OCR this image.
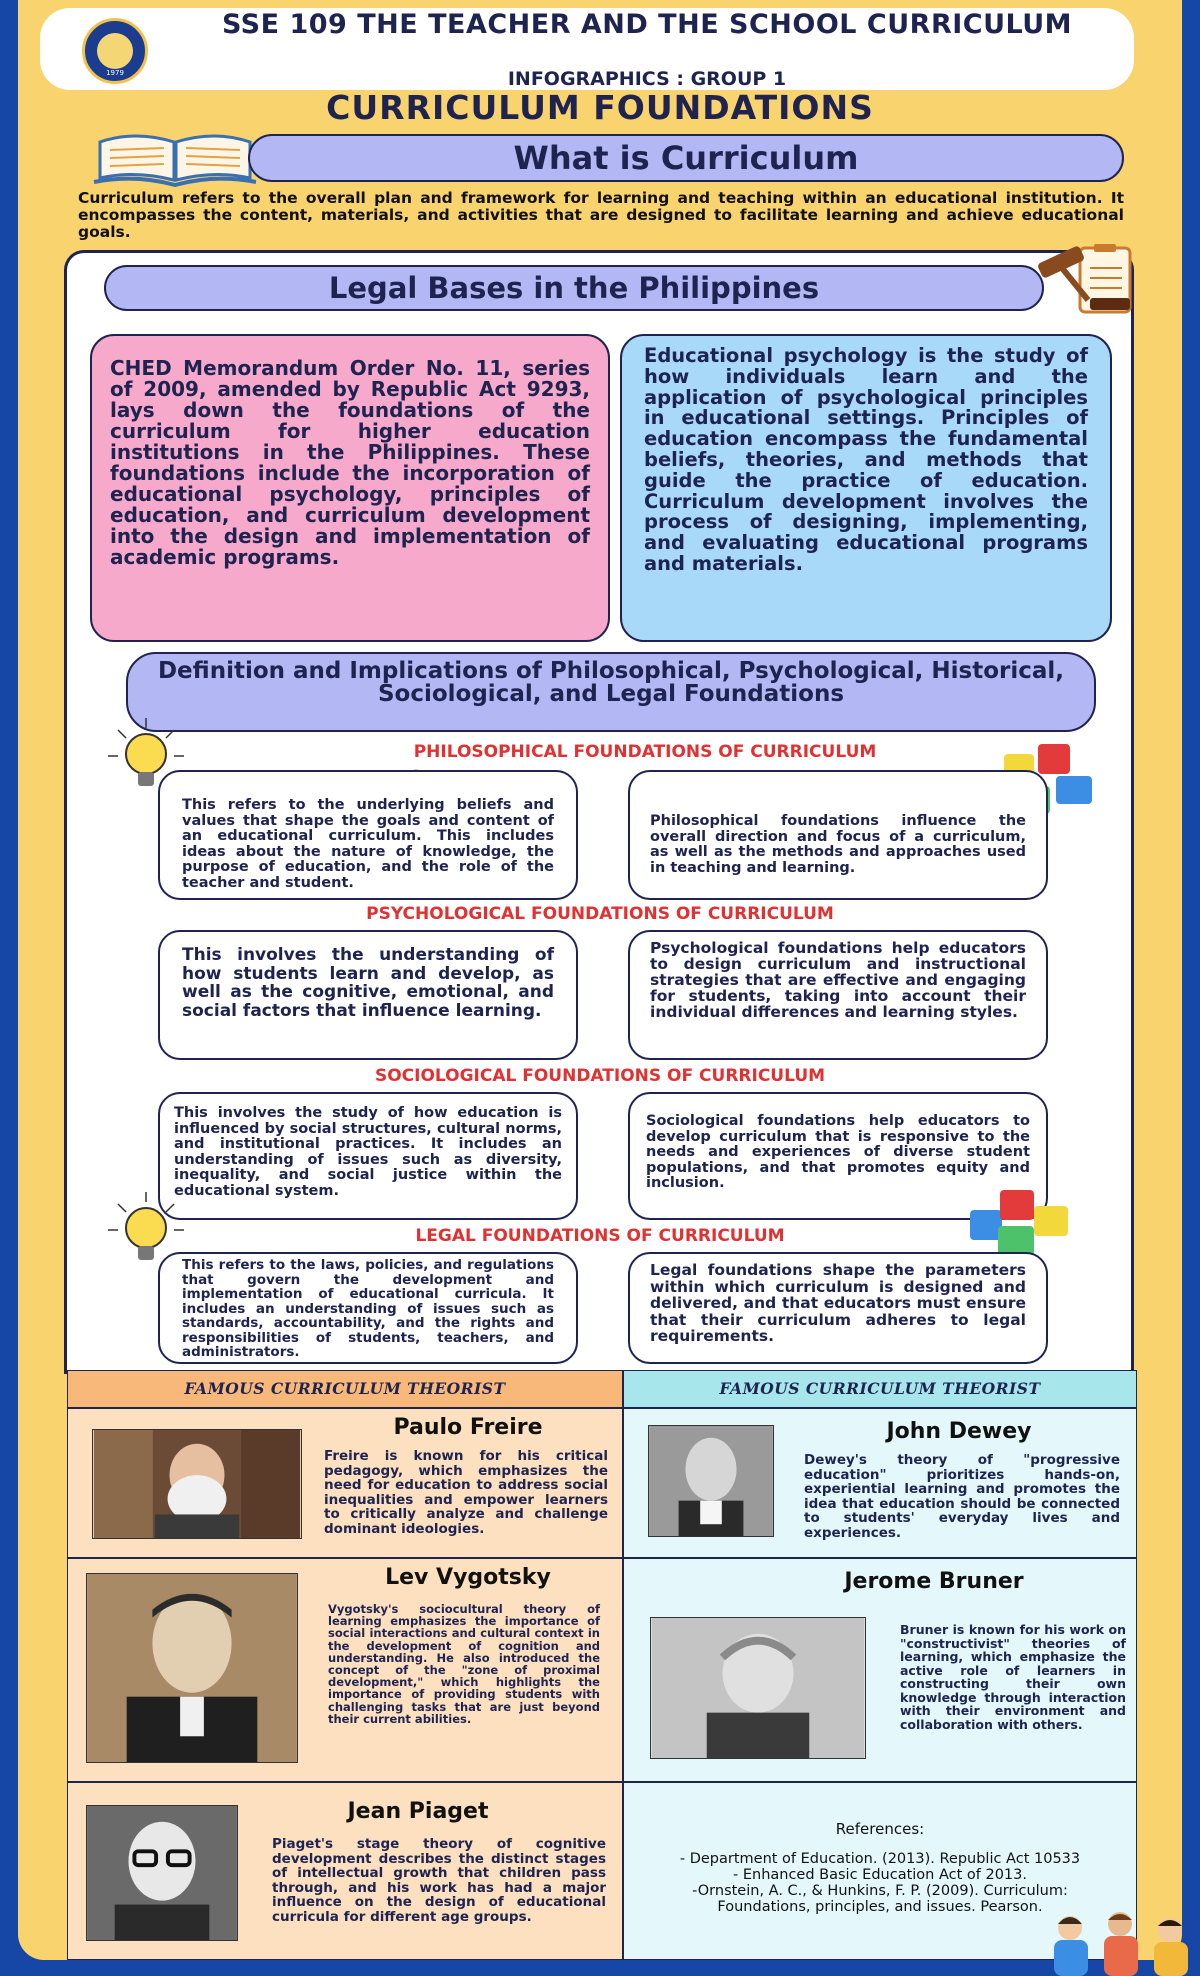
1979
SSE 109 THE TEACHER AND THE SCHOOL CURRICULUM
INFOGRAPHICS : GROUP 1
CURRICULUM FOUNDATIONS
What is Curriculum
Curriculum refers to the overall plan and framework for learning and teaching within an educational institution. It encompasses the content, materials, and activities that are designed to facilitate learning and achieve educational goals.
Legal Bases in the Philippines
CHED Memorandum Order No. 11, series of 2009, amended by Republic Act 9293, lays down the foundations of the curriculum for higher education institutions in the Philippines. These foundations include the incorporation of educational psychology, principles of education, and curriculum development into the design and implementation of academic programs.
Educational psychology is the study of how individuals learn and the application of psychological principles in educational settings. Principles of education encompass the fundamental beliefs, theories, and methods that guide the practice of education. Curriculum development involves the process of designing, implementing, and evaluating educational programs and materials.
Definition and Implications of Philosophical, Psychological, Historical, Sociological, and Legal Foundations
PHILOSOPHICAL FOUNDATIONS OF CURRICULUM
This refers to the underlying beliefs and values that shape the goals and content of an educational curriculum. This includes ideas about the nature of knowledge, the purpose of education, and the role of the teacher and student.
Philosophical foundations influence the overall direction and focus of a curriculum, as well as the methods and approaches used in teaching and learning.
PSYCHOLOGICAL FOUNDATIONS OF CURRICULUM
This involves the understanding of how students learn and develop, as well as the cognitive, emotional, and social factors that influence learning.
Psychological foundations help educators to design curriculum and instructional strategies that are effective and engaging for students, taking into account their individual differences and learning styles.
SOCIOLOGICAL FOUNDATIONS OF CURRICULUM
This involves the study of how education is influenced by social structures, cultural norms, and institutional practices. It includes an understanding of issues such as diversity, inequality, and social justice within the educational system.
Sociological foundations help educators to develop curriculum that is responsive to the needs and experiences of diverse student populations, and that promotes equity and inclusion.
LEGAL FOUNDATIONS OF CURRICULUM
This refers to the laws, policies, and regulations that govern the development and implementation of educational curricula. It includes an understanding of issues such as standards, accountability, and the rights and responsibilities of students, teachers, and administrators.
Legal foundations shape the parameters within which curriculum is designed and delivered, and that educators must ensure that their curriculum adheres to legal requirements.
FAMOUS CURRICULUM THEORIST	FAMOUS CURRICULUM THEORIST
Paulo Freire
Freire is known for his critical pedagogy, which emphasizes the need for education to address social inequalities and empower learners to critically analyze and challenge dominant ideologies.
John Dewey
Dewey's theory of "progressive education" prioritizes hands-on, experiential learning and promotes the idea that education should be connected to students' everyday lives and experiences.
Lev Vygotsky
Vygotsky's sociocultural theory of learning emphasizes the importance of social interactions and cultural context in the development of cognition and understanding. He also introduced the concept of the "zone of proximal development," which highlights the importance of providing students with challenging tasks that are just beyond their current abilities.
Jerome Bruner
Bruner is known for his work on "constructivist" theories of learning, which emphasize the active role of learners in constructing their own knowledge through interaction with their environment and collaboration with others.
Jean Piaget
Piaget's stage theory of cognitive development describes the distinct stages of intellectual growth that children pass through, and his work has had a major influence on the design of educational curricula for different age groups.
References:
- Department of Education. (2013). Republic Act 10533
- Enhanced Basic Education Act of 2013.
-Ornstein, A. C., & Hunkins, F. P. (2009). Curriculum:
Foundations, principles, and issues. Pearson.
